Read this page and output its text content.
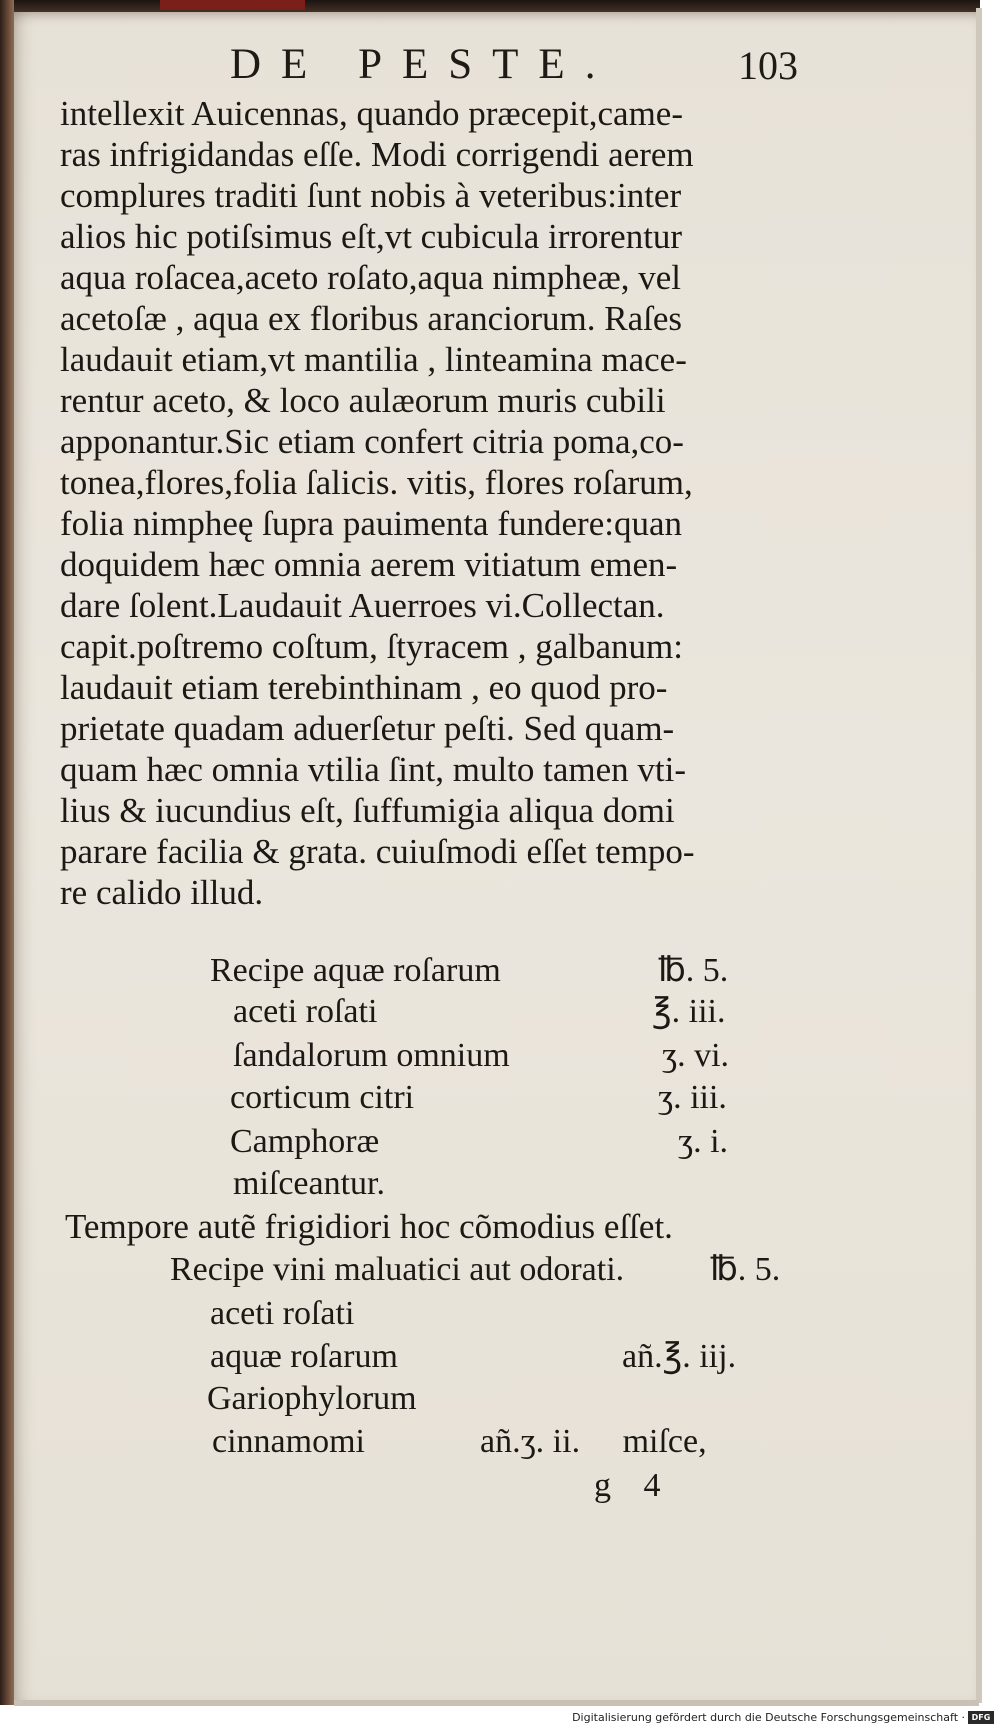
DE PESTE.	103
intellexit Auicennas, quando præcepit,came-
ras infrigidandas eſſe. Modi corrigendi aerem
complures traditi ſunt nobis à veteribus:inter
alios hic potiſsimus eſt,vt cubicula irrorentur
aqua roſacea,aceto roſato,aqua nimpheæ, vel
acetoſæ , aqua ex floribus aranciorum. Raſes
laudauit etiam,vt mantilia , linteamina mace-
rentur aceto, & loco aulæorum muris cubili
apponantur.Sic etiam confert citria poma,co-
tonea,flores,folia ſalicis. vitis, flores roſarum,
folia nimpheę ſupra pauimenta fundere:quan
doquidem hæc omnia aerem vitiatum emen-
dare ſolent.Laudauit Auerroes vi.Collectan.
capit.poſtremo coſtum, ſtyracem , galbanum:
laudauit etiam terebinthinam , eo quod pro-
prietate quadam aduerſetur peſti. Sed quam-
quam hæc omnia vtilia ſint, multo tamen vti-
lius & iucundius eſt, ſuffumigia aliqua domi
parare facilia & grata. cuiuſmodi eſſet tempo-
re calido illud.
Recipe aquæ roſarum	℔. 5.
aceti roſati	℥. iii.
ſandalorum omnium	ʒ. vi.
corticum citri	ʒ. iii.
Camphoræ	ʒ. i.
miſceantur.
Tempore autẽ frigidiori hoc cõmodius eſſet.
Recipe vini maluatici aut odorati.	℔. 5.
aceti roſati
aquæ roſarum	añ.℥. iij.
Gariophylorum
cinnamomi	añ.ʒ. ii.     miſce,
g 4
Digitalisierung gefördert durch die Deutsche Forschungsgemeinschaft · DFG
